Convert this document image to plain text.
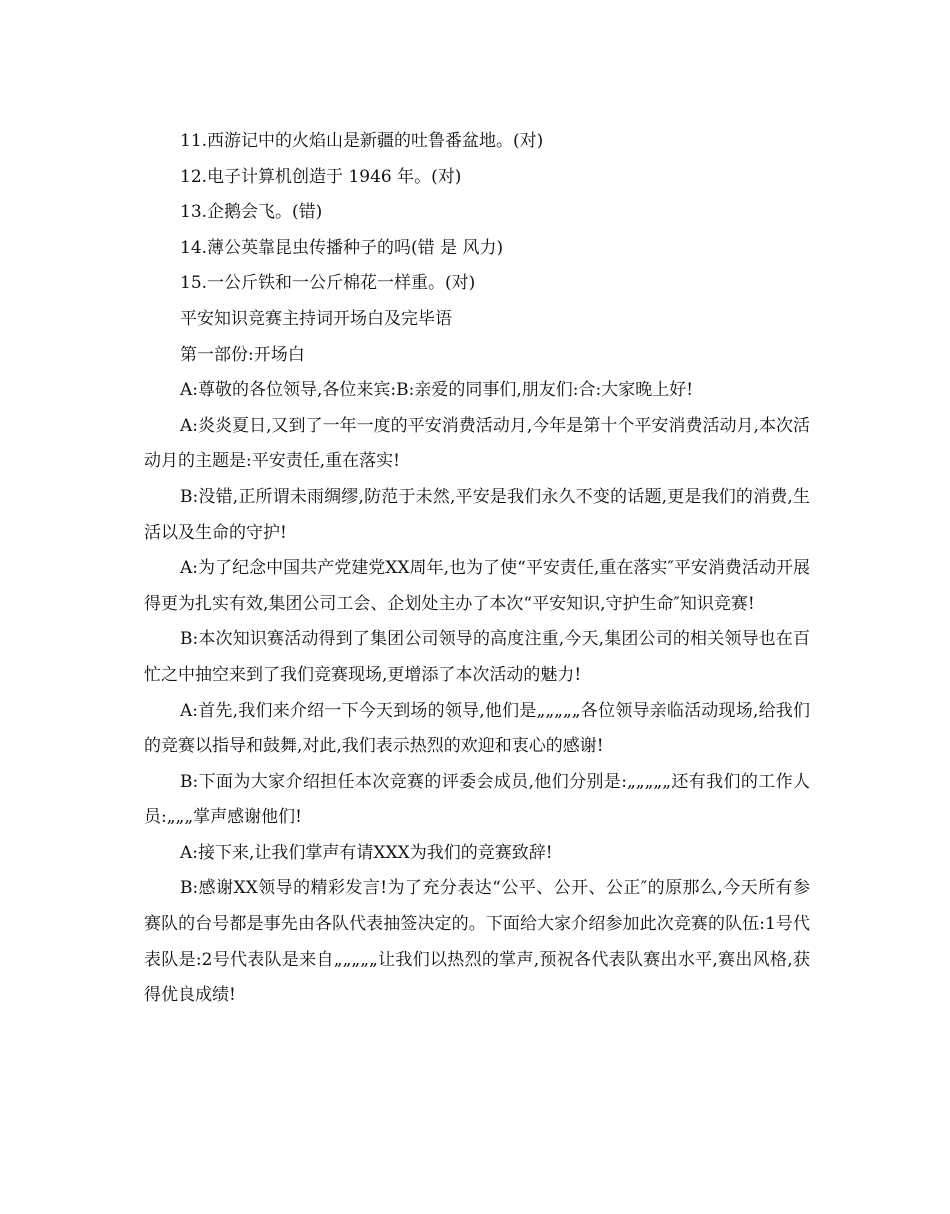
11.西游记中的火焰山是新疆的吐鲁番盆地。(对)

12.电子计算机创造于 1946 年。(对)

13.企鹅会飞。(错)

14.薄公英靠昆虫传播种子的吗(错 是 风力)

15.一公斤铁和一公斤棉花一样重。(对)

平安知识竞赛主持词开场白及完毕语

第一部份:开场白

A:尊敬的各位领导,各位来宾:B:亲爱的同事们,朋友们:合:大家晚上好!

A:炎炎夏日,又到了一年一度的平安消费活动月,今年是第十个平安消费活动月,本次活动月的主题是:平安责任,重在落实!

B:没错,正所谓未雨绸缪,防范于未然,平安是我们永久不变的话题,更是我们的消费,生活以及生命的守护!

A:为了纪念中国共产党建党XX周年,也为了使“平安责任,重在落实″平安消费活动开展得更为扎实有效,集团公司工会、企划处主办了本次“平安知识,守护生命″知识竞赛!

B:本次知识赛活动得到了集团公司领导的高度注重,今天,集团公司的相关领导也在百忙之中抽空来到了我们竞赛现场,更增添了本次活动的魅力!

A:首先,我们来介绍一下今天到场的领导,他们是„„„„„各位领导亲临活动现场,给我们的竞赛以指导和鼓舞,对此,我们表示热烈的欢迎和衷心的感谢!

B:下面为大家介绍担任本次竞赛的评委会成员,他们分别是:„„„„„还有我们的工作人员:„„„掌声感谢他们!

A:接下来,让我们掌声有请XXX为我们的竞赛致辞!

B:感谢XX领导的精彩发言!为了充分表达“公平、公开、公正″的原那么,今天所有参赛队的台号都是事先由各队代表抽签决定的。下面给大家介绍参加此次竞赛的队伍:1号代表队是:2号代表队是来自„„„„„让我们以热烈的掌声,预祝各代表队赛出水平,赛出风格,获得优良成绩!
